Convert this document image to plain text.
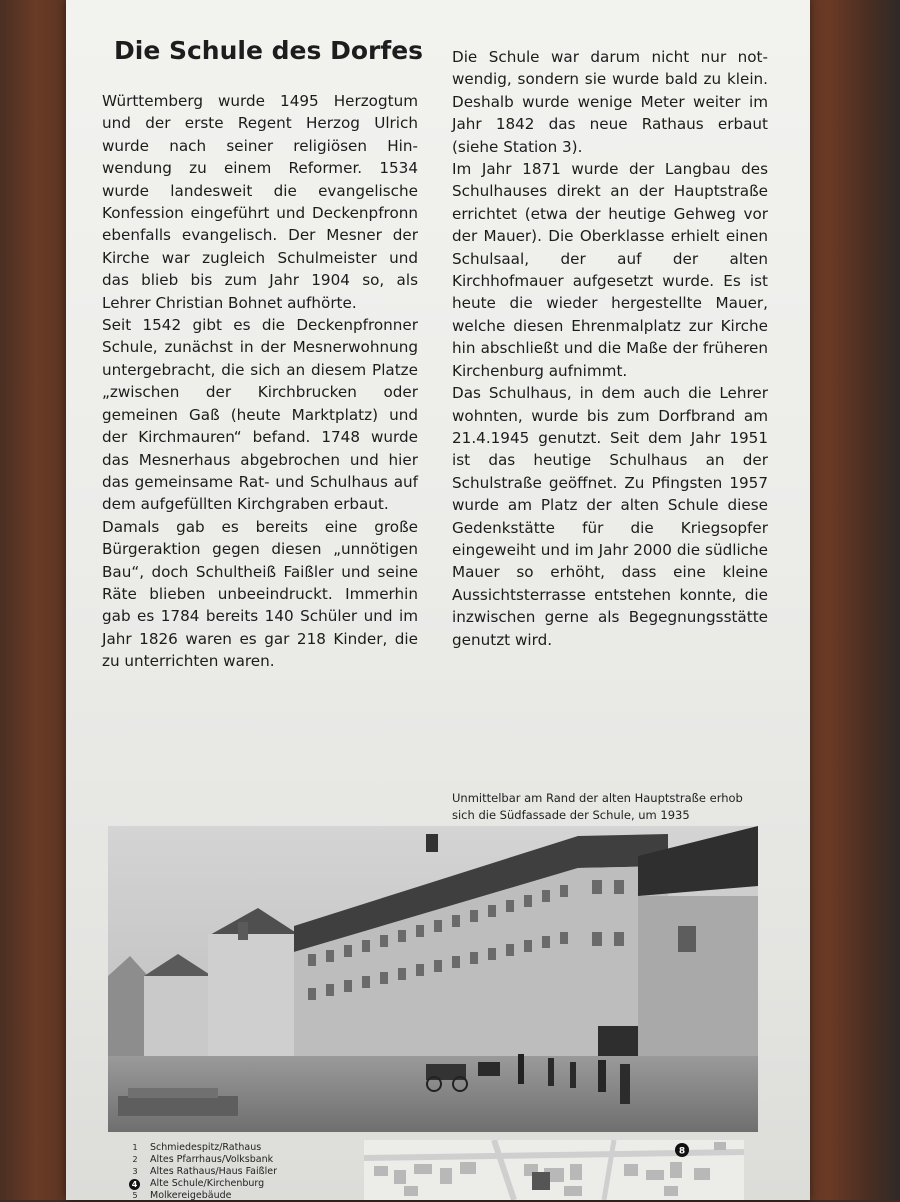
Die Schule des Dorfes

Württemberg wurde 1495 Herzogtum und der erste Regent Herzog Ulrich wurde nach seiner religiösen Hinwendung zu einem Reformer. 1534 wurde landesweit die evangelische Konfession eingeführt und Deckenpfronn ebenfalls evangelisch. Der Mesner der Kirche war zugleich Schulmeister und das blieb bis zum Jahr 1904 so, als Lehrer Christian Bohnet aufhörte.

Seit 1542 gibt es die Deckenpfronner Schule, zunächst in der Mesnerwohnung untergebracht, die sich an diesem Platze „zwischen der Kirchbrucken oder gemeinen Gaß (heute Marktplatz) und der Kirchmauren“ befand. 1748 wurde das Mesnerhaus abgebrochen und hier das gemeinsame Rat- und Schulhaus auf dem aufgefüllten Kirchgraben erbaut.

Damals gab es bereits eine große Bürgeraktion gegen diesen „unnötigen Bau“, doch Schultheiß Faißler und seine Räte blieben unbeeindruckt. Immerhin gab es 1784 bereits 140 Schüler und im Jahr 1826 waren es gar 218 Kinder, die zu unterrichten waren.

Die Schule war darum nicht nur notwendig, sondern sie wurde bald zu klein. Deshalb wurde wenige Meter weiter im Jahr 1842 das neue Rathaus erbaut (siehe Station 3).

Im Jahr 1871 wurde der Langbau des Schulhauses direkt an der Hauptstraße errichtet (etwa der heutige Gehweg vor der Mauer). Die Oberklasse erhielt einen Schulsaal, der auf der alten Kirchhofmauer aufgesetzt wurde. Es ist heute die wieder hergestellte Mauer, welche diesen Ehrenmalplatz zur Kirche hin abschließt und die Maße der früheren Kirchenburg aufnimmt.

Das Schulhaus, in dem auch die Lehrer wohnten, wurde bis zum Dorfbrand am 21.4.1945 genutzt. Seit dem Jahr 1951 ist das heutige Schulhaus an der Schulstraße geöffnet. Zu Pfingsten 1957 wurde am Platz der alten Schule diese Gedenkstätte für die Kriegsopfer eingeweiht und im Jahr 2000 die südliche Mauer so erhöht, dass eine kleine Aussichtsterrasse entstehen konnte, die inzwischen gerne als Begegnungsstätte genutzt wird.

Unmittelbar am Rand der alten Hauptstraße erhob
sich die Südfassade der Schule, um 1935
1	Schmiedespitz/Rathaus
2	Altes Pfarrhaus/Volksbank
3	Altes Rathaus/Haus Faißler
4 Alte Schule/Kirchenburg
5	Molkereigebäude
8
